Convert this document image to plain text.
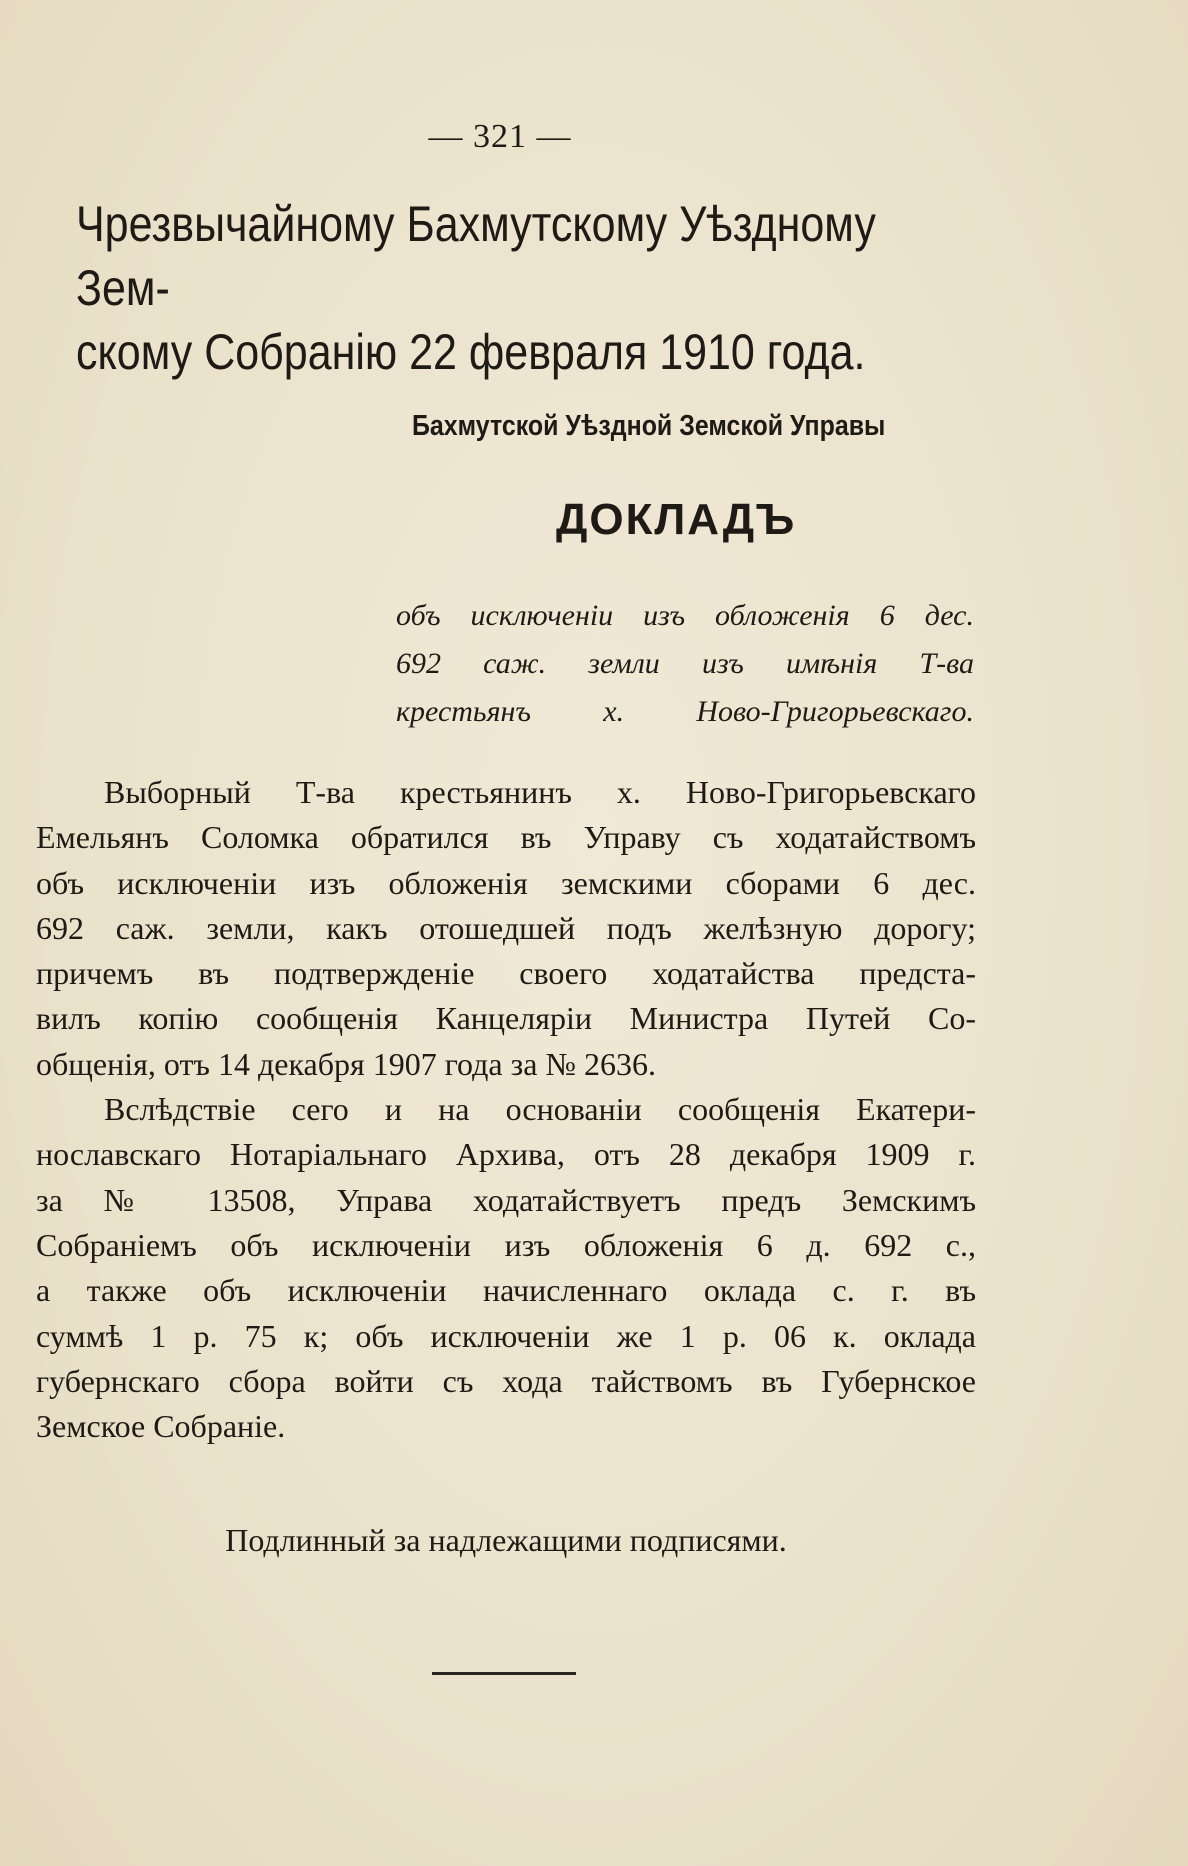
— 321 —
Чрезвычайному Бахмутскому Уѣздному Зем-
скому Собранію 22 февраля 1910 года.
Бахмутской Уѣздной Земской Управы
ДОКЛАДЪ
объ исключеніи изъ обложенія 6 дес.
692 саж. земли изъ имѣнія Т-ва
крестьянъ х. Ново-Григорьевскаго.
Выборный Т-ва крестьянинъ х. Ново-Григорьевскаго
Емельянъ Соломка обратился въ Управу съ ходатайствомъ
объ исключеніи изъ обложенія земскими сборами 6 дес.
692 саж. земли, какъ отошедшей подъ желѣзную дорогу;
причемъ въ подтвержденіе своего ходатайства предста-
вилъ копію сообщенія Канцеляріи Министра Путей Со-
общенія, отъ 14 декабря 1907 года за № 2636.
Вслѣдствіе сего и на основаніи сообщенія Екатери-
нославскаго Нотаріальнаго Архива, отъ 28 декабря 1909 г.
за № 13508, Управа ходатайствуетъ предъ Земскимъ
Собраніемъ объ исключеніи изъ обложенія 6 д. 692 с.,
а также объ исключеніи начисленнаго оклада с. г. въ
суммѣ 1 р. 75 к; объ исключеніи же 1 р. 06 к. оклада
губернскаго сбора войти съ хода тайствомъ въ Губернское
Земское Собраніе.
Подлинный за надлежащими подписями.
